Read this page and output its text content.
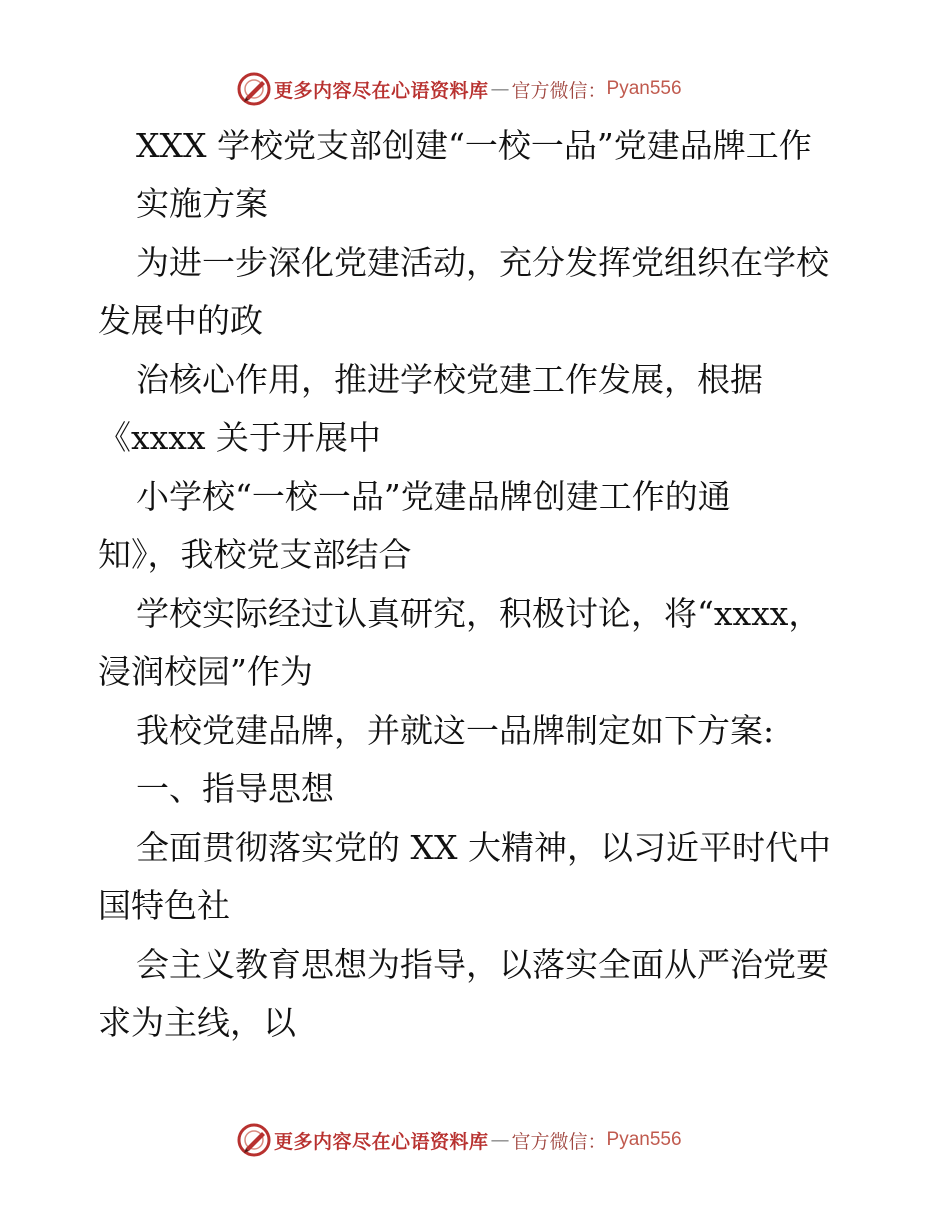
更多内容尽在心语资料库 — 官方微信： Pyan556
XXX 学校党支部创建“一校一品”党建品牌工作
实施方案
为进一步深化党建活动，充分发挥党组织在学校
发展中的政
治核心作用，推进学校党建工作发展，根据
《xxxx 关于开展中
小学校“一校一品”党建品牌创建工作的通
知》，我校党支部结合
学校实际经过认真研究，积极讨论，将“xxxx，
浸润校园”作为
我校党建品牌，并就这一品牌制定如下方案:
一、指导思想
全面贯彻落实党的 XX 大精神，以习近平时代中
国特色社
会主义教育思想为指导，以落实全面从严治党要
求为主线，以
更多内容尽在心语资料库 — 官方微信： Pyan556
